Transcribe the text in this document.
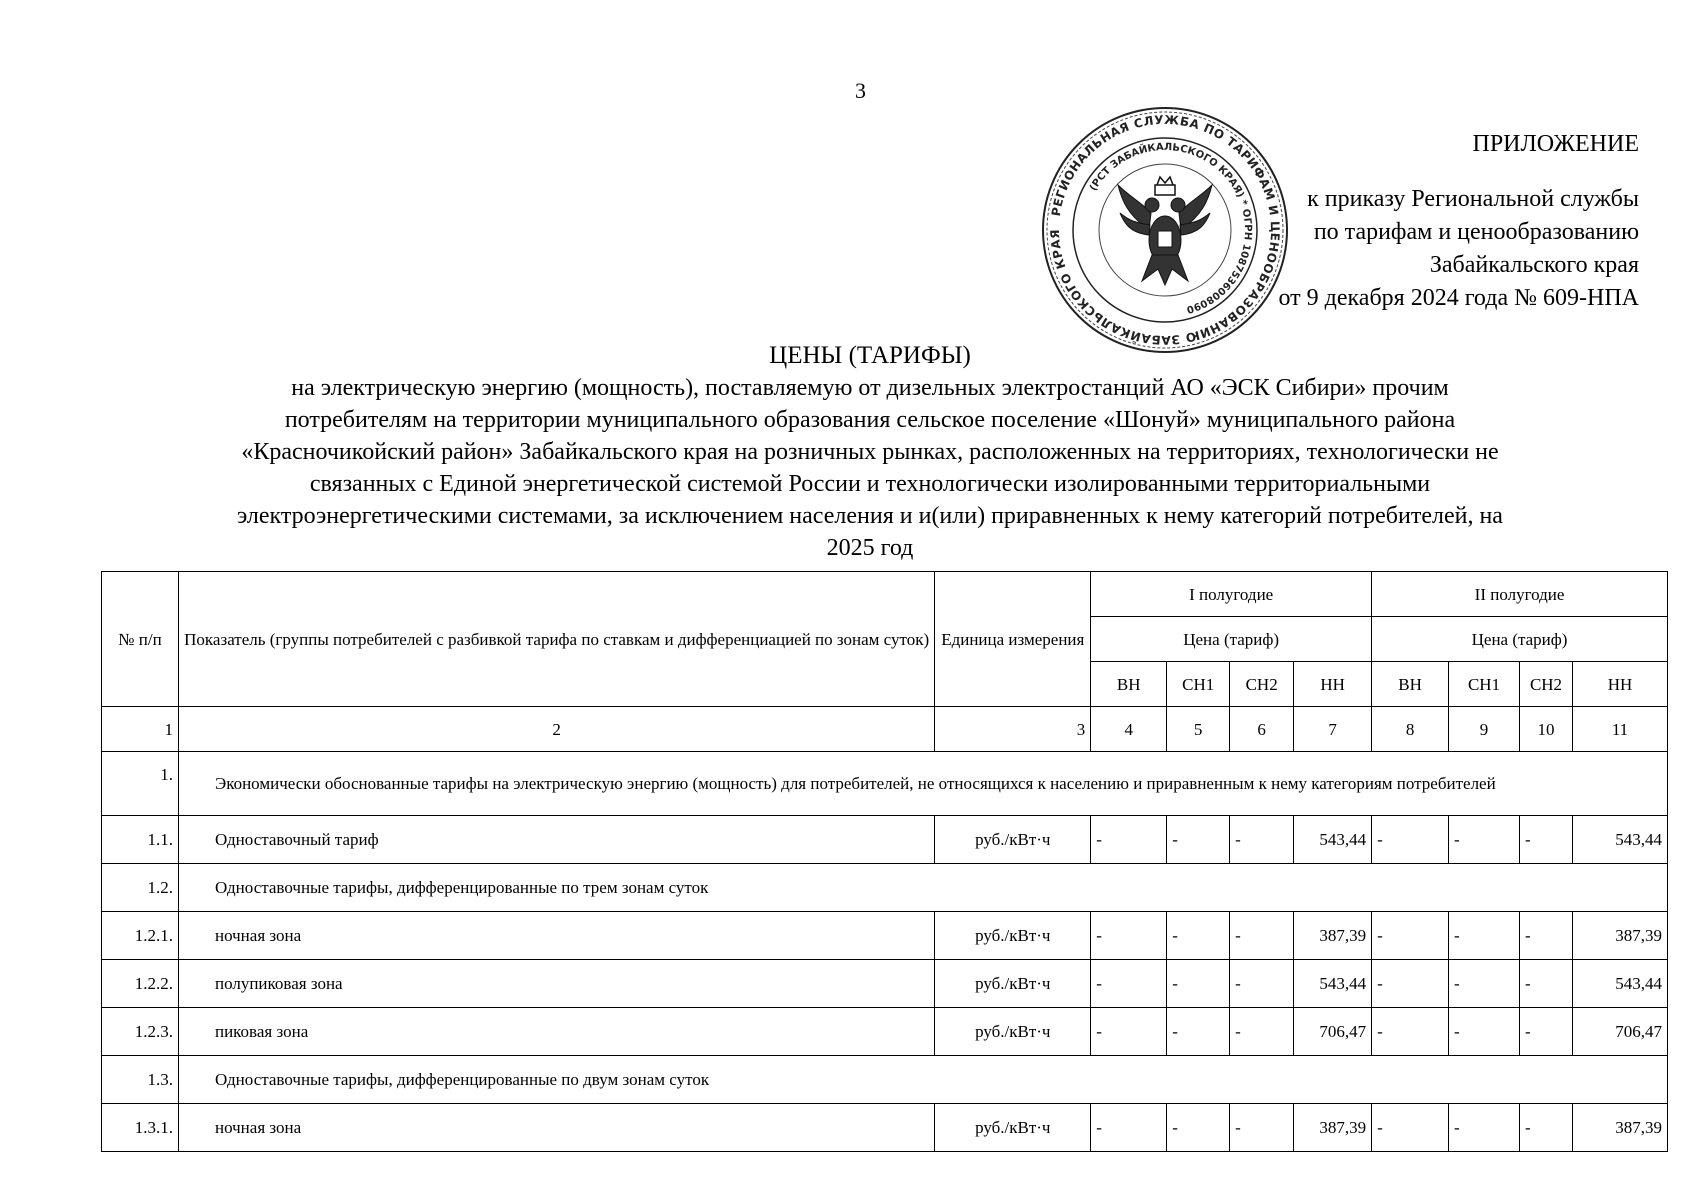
3
ПРИЛОЖЕНИЕ
к приказу Региональной службы
по тарифам и ценообразованию
Забайкальского края
от 9 декабря 2024 года № 609-НПА
РЕГИОНАЛЬНАЯ СЛУЖБА ПО ТАРИФАМ И ЦЕНООБРАЗОВАНИЮ ЗАБАЙКАЛЬСКОГО КРАЯ
(РСТ ЗАБАЙКАЛЬСКОГО КРАЯ) * ОГРН 1087536008090
ЦЕНЫ (ТАРИФЫ)
на электрическую энергию (мощность), поставляемую от дизельных электростанций АО «ЭСК Сибири» прочим
потребителям на территории муниципального образования сельское поселение «Шонуй» муниципального района
«Красночикойский район» Забайкальского края на розничных рынках, расположенных на территориях, технологически не
связанных с Единой энергетической системой России и технологически изолированными территориальными
электроэнергетическими системами, за исключением населения и и(или) приравненных к нему категорий потребителей, на
2025 год
№ п/п	Показатель (группы потребителей с разбивкой тарифа по ставкам и дифференциацией по зонам суток)	Единица измерения	I полугодие				II полугодие			
			Цена (тариф)				Цена (тариф)			
			ВН	СН1	СН2	НН	ВН	СН1	СН2	НН
1	2	3	4	5	6	7	8	9	10	11
1.	Экономически обоснованные тарифы на электрическую энергию (мощность) для потребителей, не относящихся к населению и приравненным к нему категориям потребителей									
1.1.	Одноставочный тариф	руб./кВт·ч	-	-	-	543,44	-	-	-	543,44
1.2.	Одноставочные тарифы, дифференцированные по трем зонам суток									
1.2.1.	ночная зона	руб./кВт·ч	-	-	-	387,39	-	-	-	387,39
1.2.2.	полупиковая зона	руб./кВт·ч	-	-	-	543,44	-	-	-	543,44
1.2.3.	пиковая зона	руб./кВт·ч	-	-	-	706,47	-	-	-	706,47
1.3.	Одноставочные тарифы, дифференцированные по двум зонам суток									
1.3.1.	ночная зона	руб./кВт·ч	-	-	-	387,39	-	-	-	387,39
